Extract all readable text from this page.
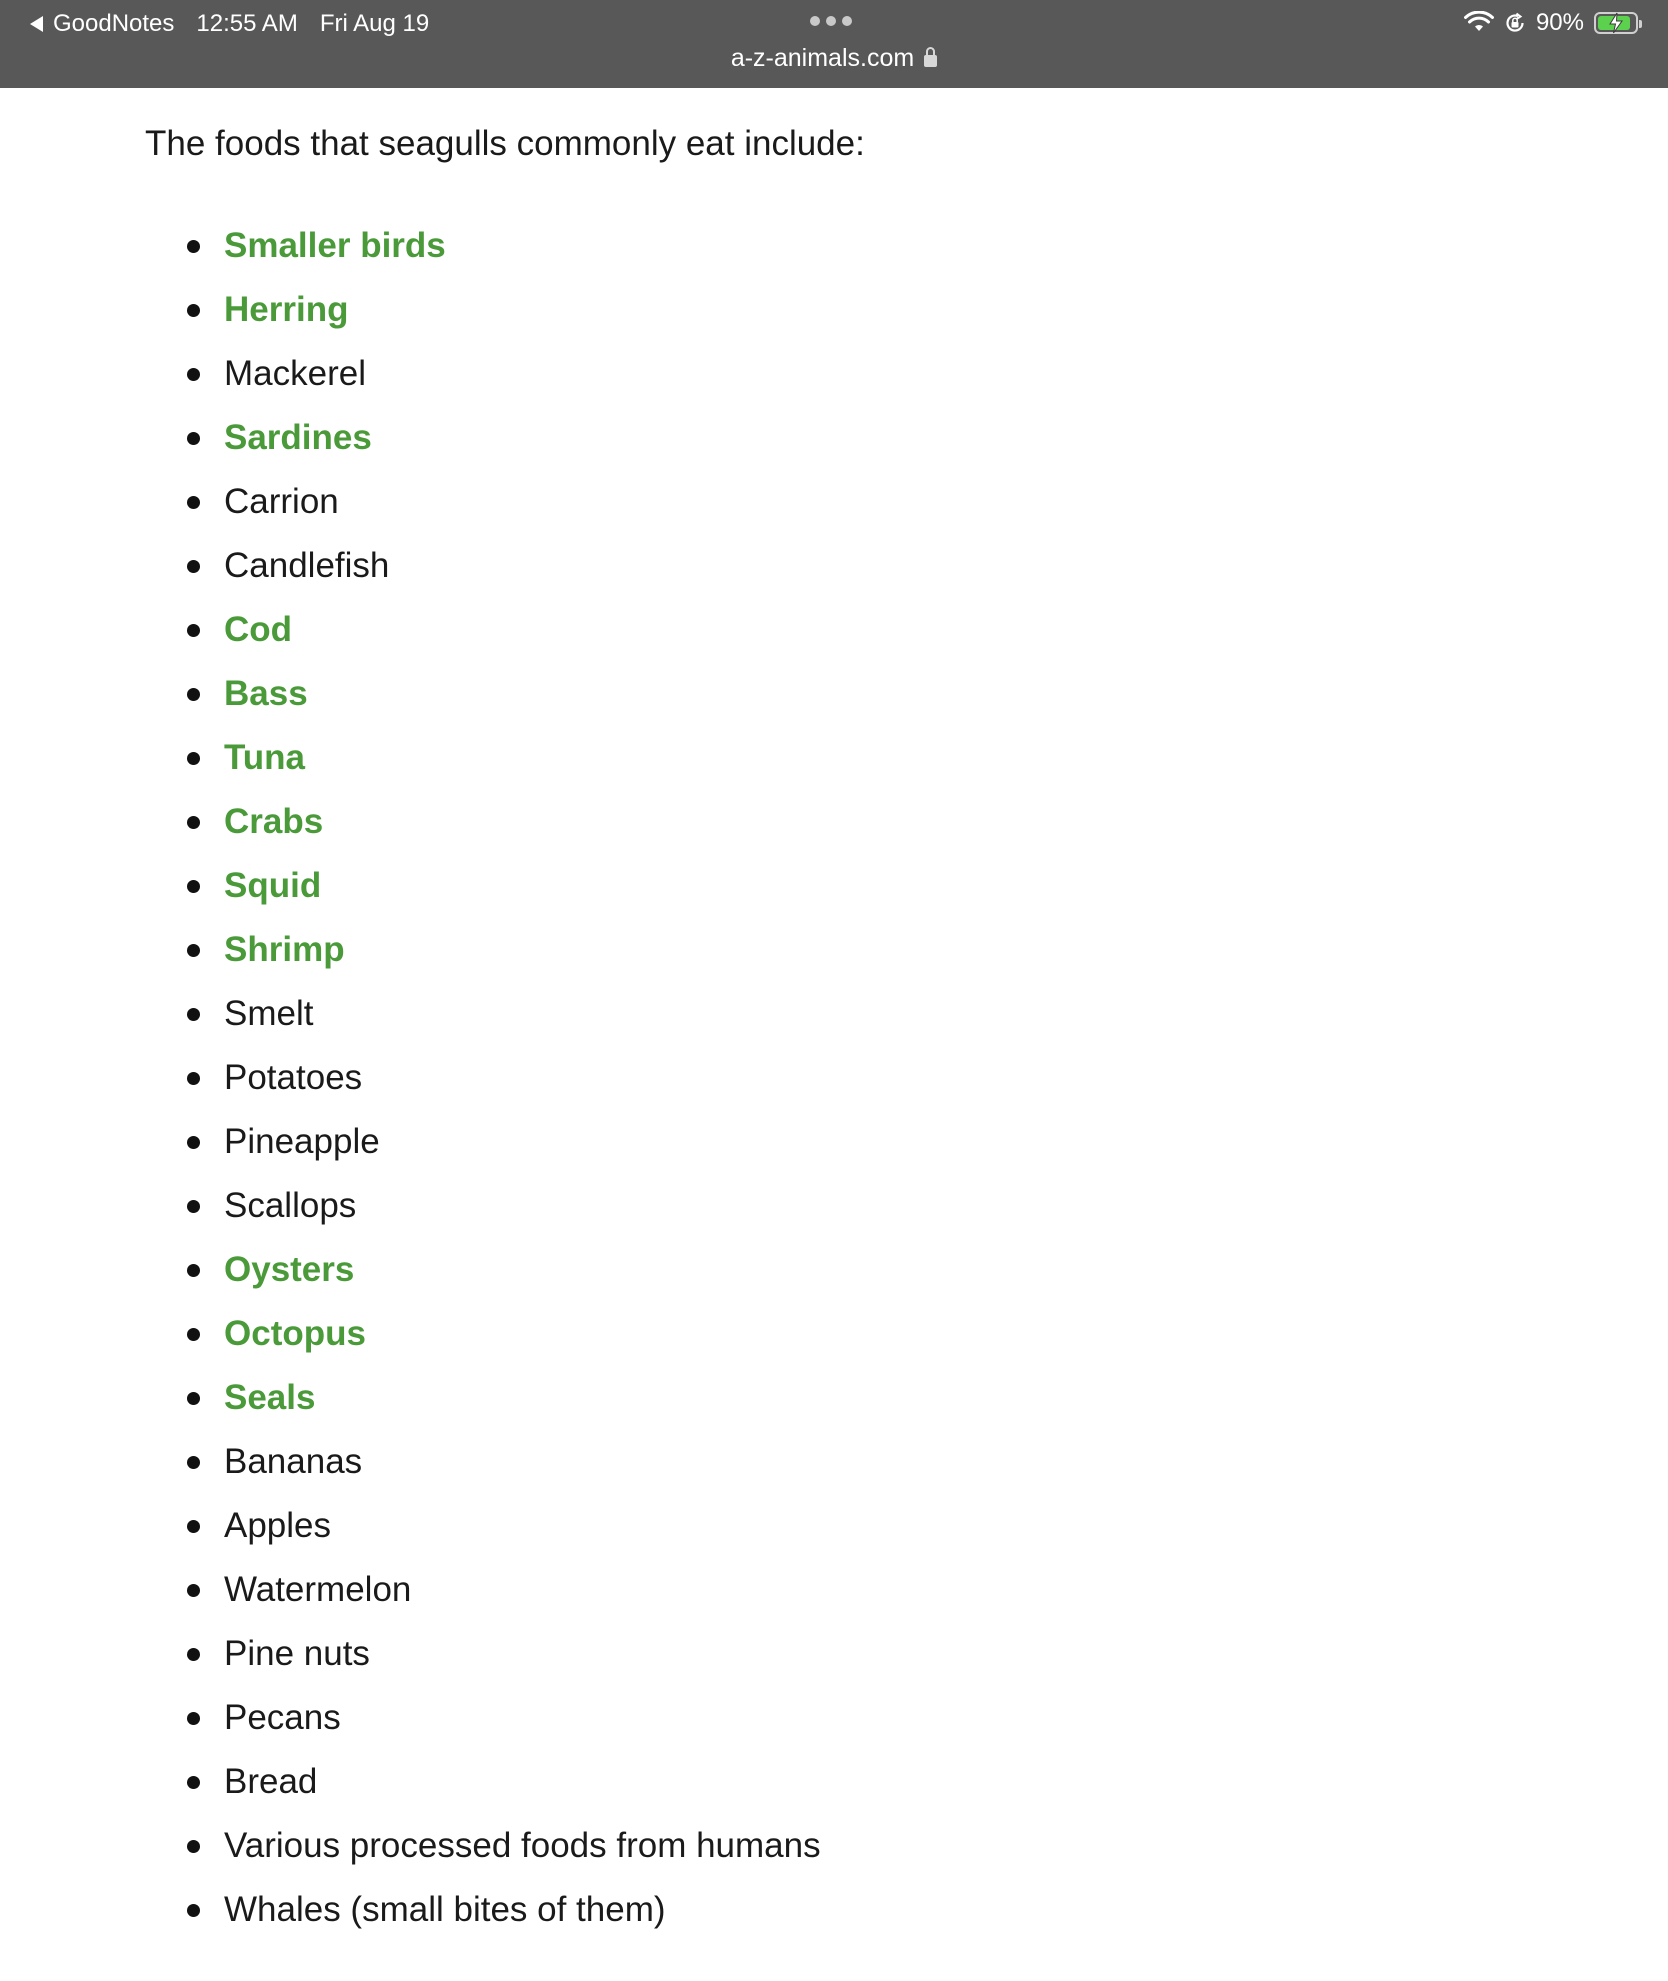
GoodNotes 12:55 AM Fri Aug 19
a-z-animals.com
90%

The foods that seagulls commonly eat include:

Smaller birds
Herring
Mackerel
Sardines
Carrion
Candlefish
Cod
Bass
Tuna
Crabs
Squid
Shrimp
Smelt
Potatoes
Pineapple
Scallops
Oysters
Octopus
Seals
Bananas
Apples
Watermelon
Pine nuts
Pecans
Bread
Various processed foods from humans
Whales (small bites of them)
